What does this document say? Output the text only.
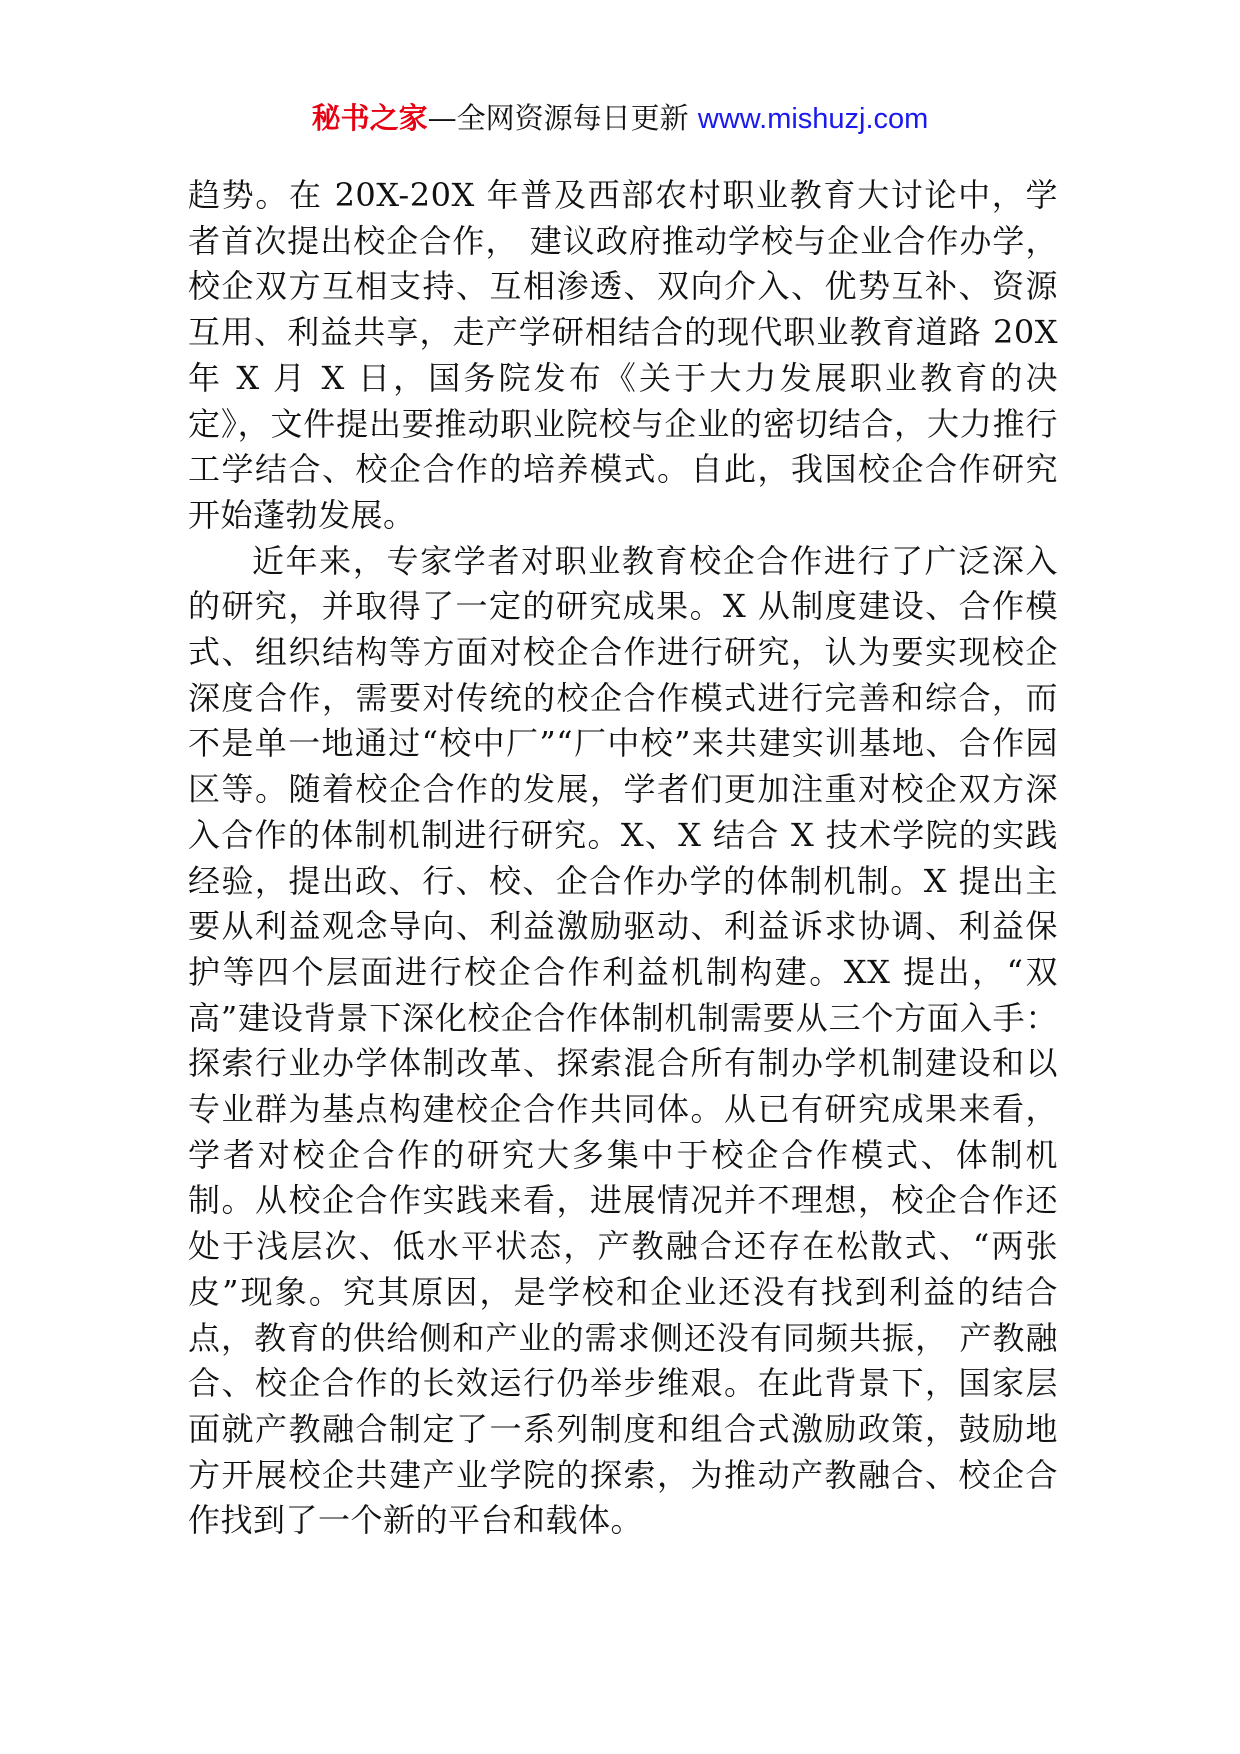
秘书之家—全网资源每日更新 www.mishuzj.com

趋势。在 20X-20X 年普及西部农村职业教育大讨论中，学者首次提出校企合作， 建议政府推动学校与企业合作办学，校企双方互相支持、互相渗透、双向介入、优势互补、资源互用、利益共享，走产学研相结合的现代职业教育道路 20X 年 X 月 X 日，国务院发布《关于大力发展职业教育的决定》，文件提出要推动职业院校与企业的密切结合，大力推行工学结合、校企合作的培养模式。自此，我国校企合作研究开始蓬勃发展。

近年来，专家学者对职业教育校企合作进行了广泛深入的研究，并取得了一定的研究成果。X 从制度建设、合作模式、组织结构等方面对校企合作进行研究，认为要实现校企深度合作，需要对传统的校企合作模式进行完善和综合，而不是单一地通过“校中厂”“厂中校”来共建实训基地、合作园区等。随着校企合作的发展，学者们更加注重对校企双方深入合作的体制机制进行研究。X、X 结合 X 技术学院的实践经验，提出政、行、校、企合作办学的体制机制。X 提出主要从利益观念导向、利益激励驱动、利益诉求协调、利益保护等四个层面进行校企合作利益机制构建。XX 提出，“双高”建设背景下深化校企合作体制机制需要从三个方面入手：探索行业办学体制改革、探索混合所有制办学机制建设和以专业群为基点构建校企合作共同体。从已有研究成果来看，学者对校企合作的研究大多集中于校企合作模式、体制机制。从校企合作实践来看，进展情况并不理想，校企合作还处于浅层次、低水平状态，产教融合还存在松散式、“两张皮”现象。究其原因，是学校和企业还没有找到利益的结合点，教育的供给侧和产业的需求侧还没有同频共振， 产教融合、校企合作的长效运行仍举步维艰。在此背景下，国家层面就产教融合制定了一系列制度和组合式激励政策，鼓励地方开展校企共建产业学院的探索，为推动产教融合、校企合作找到了一个新的平台和载体。
